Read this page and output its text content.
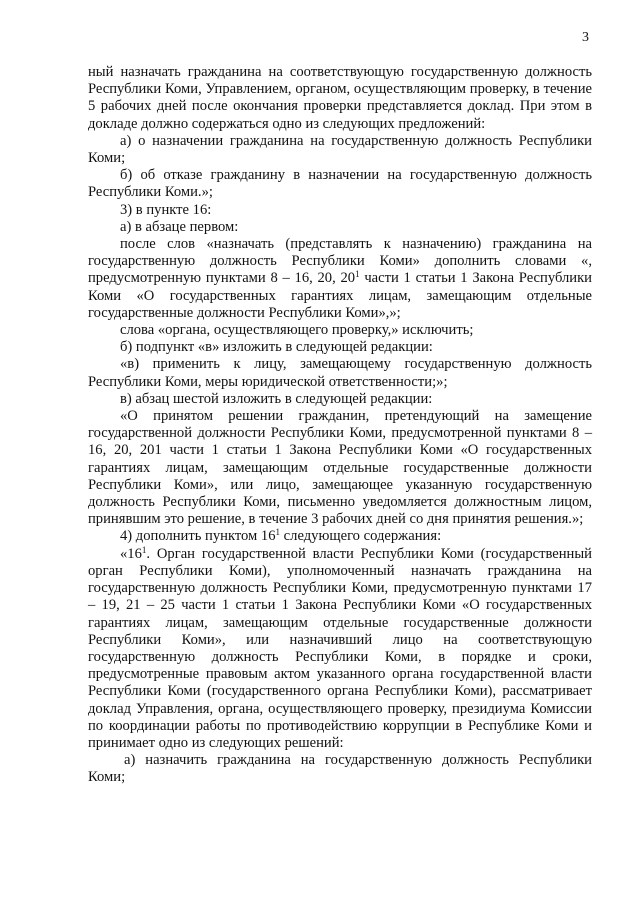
3

ный назначать гражданина на соответствующую государственную должность Республики Коми, Управлением, органом, осуществляющим проверку, в течение 5 рабочих дней после окончания проверки представляется доклад. При этом в докладе должно содержаться одно из следующих предложений:

а) о назначении гражданина на государственную должность Республики Коми;

б) об отказе гражданину в назначении на государственную должность Республики Коми.»;

3) в пункте 16:

а) в абзаце первом:

после слов «назначать (представлять к назначению) гражданина на государственную должность Республики Коми» дополнить словами «, предусмотренную пунктами 8 – 16, 20, $20^1$ части 1 статьи 1 Закона Республики Коми «О государственных гарантиях лицам, замещающим отдельные государственные должности Республики Коми»,»;

слова «органа, осуществляющего проверку,» исключить;

б) подпункт «в» изложить в следующей редакции:

«в) применить к лицу, замещающему государственную должность Республики Коми, меры юридической ответственности;»;

в) абзац шестой изложить в следующей редакции:

«О принятом решении гражданин, претендующий на замещение государственной должности Республики Коми, предусмотренной пунктами 8 – 16, 20, 201 части 1 статьи 1 Закона Республики Коми «О государственных гарантиях лицам, замещающим отдельные государственные должности Республики Коми», или лицо, замещающее указанную государственную должность Республики Коми, письменно уведомляется должностным лицом, принявшим это решение, в течение 3 рабочих дней со дня принятия решения.»;

4) дополнить пунктом $16^1$ следующего содержания:

«$16^1$. Орган государственной власти Республики Коми (государственный орган Республики Коми), уполномоченный назначать гражданина на государственную должность Республики Коми, предусмотренную пунктами 17 – 19, 21 – 25 части 1 статьи 1 Закона Республики Коми «О государственных гарантиях лицам, замещающим отдельные государственные должности Республики Коми», или назначивший лицо на соответствующую государственную должность Республики Коми, в порядке и сроки, предусмотренные правовым актом указанного органа государственной власти Республики Коми (государственного органа Республики Коми), рассматривает доклад Управления, органа, осуществляющего проверку, президиума Комиссии по координации работы по противодействию коррупции в Республике Коми и принимает одно из следующих решений:

а) назначить гражданина на государственную должность Республики Коми;
